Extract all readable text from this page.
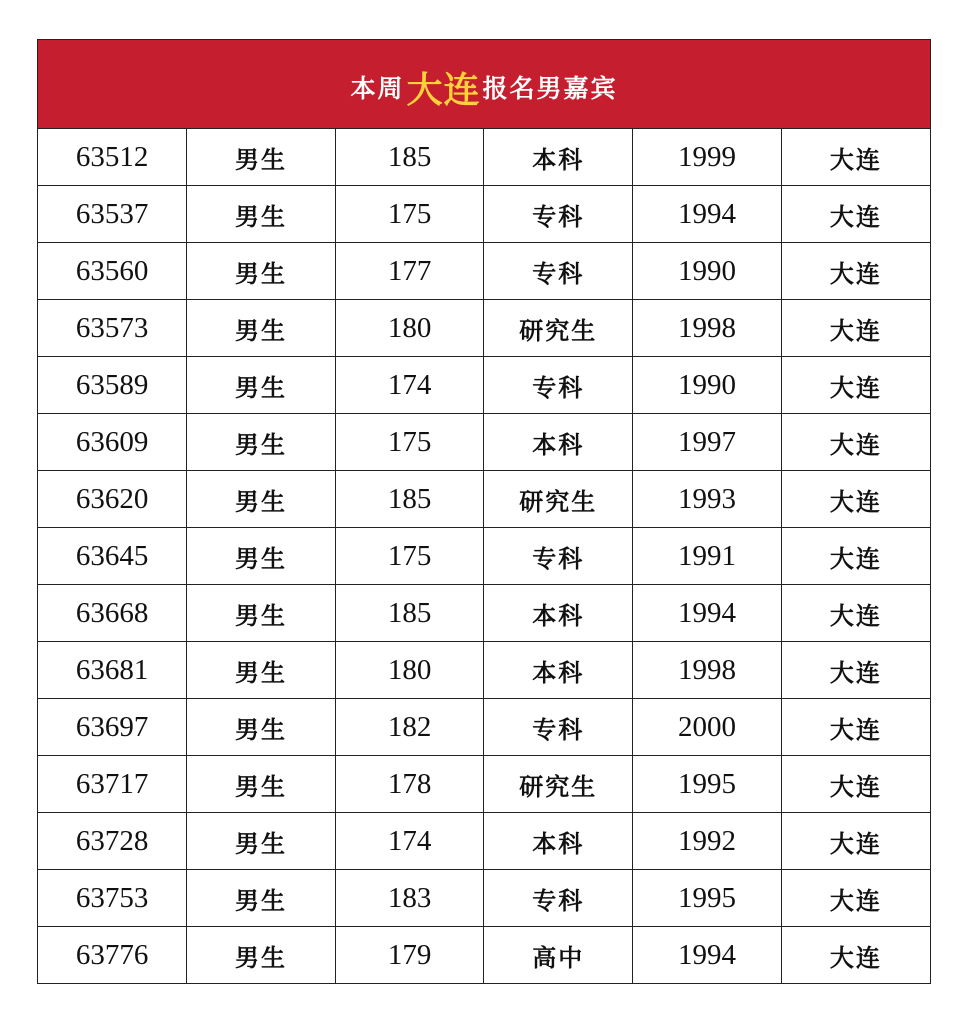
本周 大连 报名男嘉宾
63512	男生	185	本科	1999	大连
63537	男生	175	专科	1994	大连
63560	男生	177	专科	1990	大连
63573	男生	180	研究生	1998	大连
63589	男生	174	专科	1990	大连
63609	男生	175	本科	1997	大连
63620	男生	185	研究生	1993	大连
63645	男生	175	专科	1991	大连
63668	男生	185	本科	1994	大连
63681	男生	180	本科	1998	大连
63697	男生	182	专科	2000	大连
63717	男生	178	研究生	1995	大连
63728	男生	174	本科	1992	大连
63753	男生	183	专科	1995	大连
63776	男生	179	高中	1994	大连
